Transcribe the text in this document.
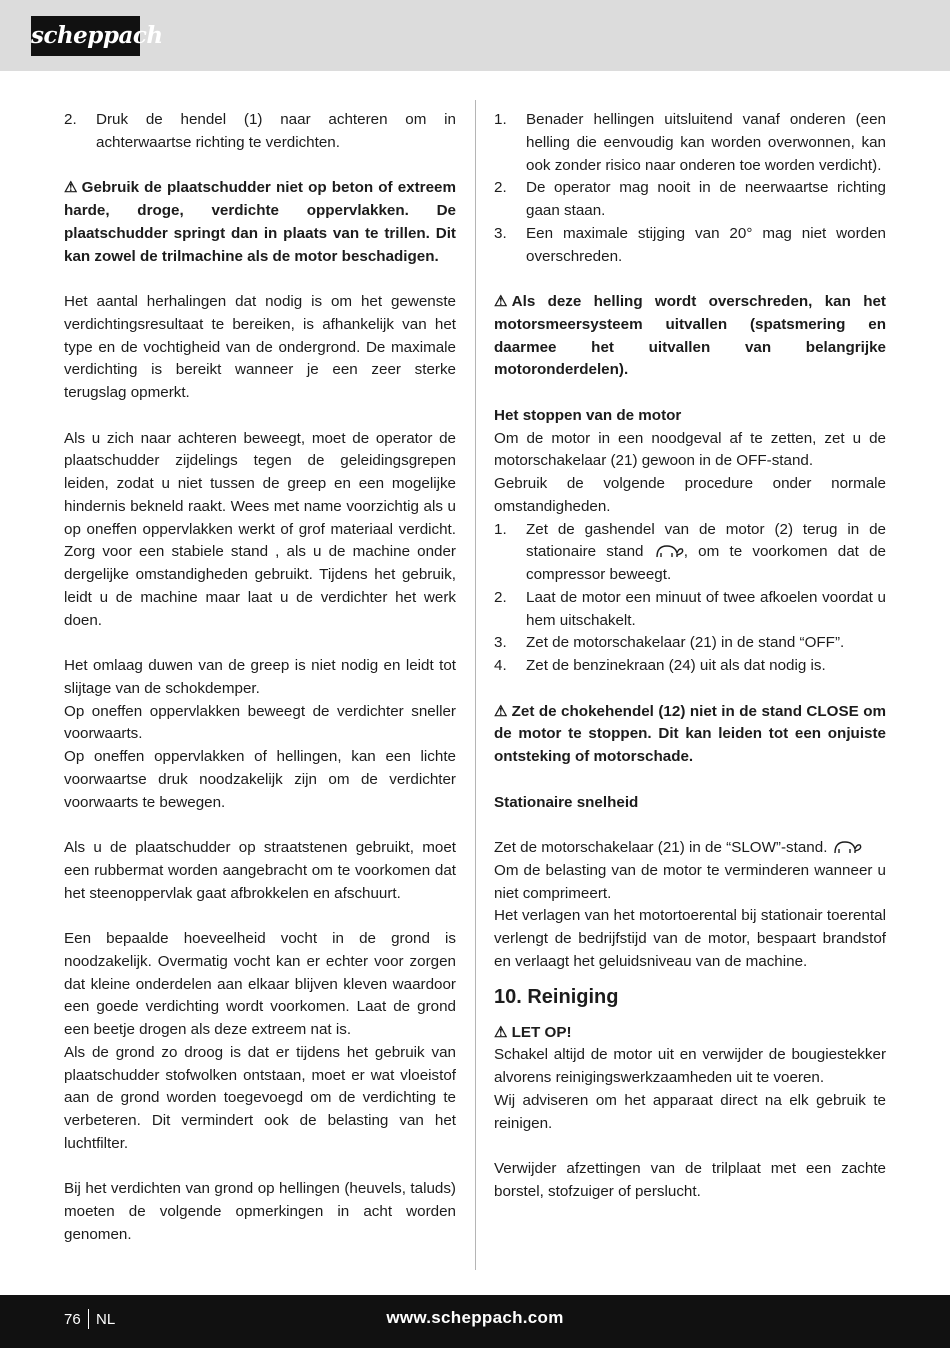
scheppach
2.	Druk de hendel (1) naar achteren om in achterwaartse richting te verdichten.

⚠ Gebruik de plaatschudder niet op beton of extreem harde, droge, verdichte oppervlakken. De plaatschudder springt dan in plaats van te trillen. Dit kan zowel de trilmachine als de motor beschadigen.

Het aantal herhalingen dat nodig is om het gewenste verdichtingsresultaat te bereiken, is afhankelijk van het type en de vochtigheid van de ondergrond. De maximale verdichting is bereikt wanneer je een zeer sterke terugslag opmerkt.

Als u zich naar achteren beweegt, moet de operator de plaatschudder zijdelings tegen de geleidingsgrepen leiden, zodat u niet tussen de greep en een mogelijke hindernis bekneld raakt. Wees met name voorzichtig als u op oneffen oppervlakken werkt of grof materiaal verdicht. Zorg voor een stabiele stand , als u de machine onder dergelijke omstandigheden gebruikt. Tijdens het gebruik, leidt u de machine maar laat u de verdichter het werk doen.

Het omlaag duwen van de greep is niet nodig en leidt tot slijtage van de schokdemper.

Op oneffen oppervlakken beweegt de verdichter sneller voorwaarts.

Op oneffen oppervlakken of hellingen, kan een lichte voorwaartse druk noodzakelijk zijn om de verdichter voorwaarts te bewegen.

Als u de plaatschudder op straatstenen gebruikt, moet een rubbermat worden aangebracht om te voorkomen dat het steenoppervlak gaat afbrokkelen en afschuurt.

Een bepaalde hoeveelheid vocht in de grond is noodzakelijk. Overmatig vocht kan er echter voor zorgen dat kleine onderdelen aan elkaar blijven kleven waardoor een goede verdichting wordt voorkomen. Laat de grond een beetje drogen als deze extreem nat is.

Als de grond zo droog is dat er tijdens het gebruik van plaatschudder stofwolken ontstaan, moet er wat vloeistof aan de grond worden toegevoegd om de verdichting te verbeteren. Dit vermindert ook de belasting van het luchtfilter.

Bij het verdichten van grond op hellingen (heuvels, taluds) moeten de volgende opmerkingen in acht worden genomen.

1.	Benader hellingen uitsluitend vanaf onderen (een helling die eenvoudig kan worden overwonnen, kan ook zonder risico naar onderen toe worden verdicht).
2.	De operator mag nooit in de neerwaartse richting gaan staan.
3.	Een maximale stijging van 20° mag niet worden overschreden.

⚠ Als deze helling wordt overschreden, kan het motorsmeersysteem uitvallen (spatsmering en daarmee het uitvallen van belangrijke motoronderdelen).

Het stoppen van de motor

Om de motor in een noodgeval af te zetten, zet u de motorschakelaar (21) gewoon in de OFF-stand.

Gebruik de volgende procedure onder normale omstandigheden.

1.	Zet de gashendel van de motor (2) terug in de stationaire stand	, om te voorkomen dat de compressor beweegt.
2.	Laat de motor een minuut of twee afkoelen voordat u hem uitschakelt.
3.	Zet de motorschakelaar (21) in de stand “OFF”.
4.	Zet de benzinekraan (24) uit als dat nodig is.

⚠ Zet de chokehendel (12) niet in de stand CLOSE om de motor te stoppen. Dit kan leiden tot een onjuiste ontsteking of motorschade.

Stationaire snelheid

Zet de motorschakelaar (21) in de “SLOW”-stand.

Om de belasting van de motor te verminderen wanneer u niet comprimeert.

Het verlagen van het motortoerental bij stationair toerental verlengt de bedrijfstijd van de motor, bespaart brandstof en verlaagt het geluidsniveau van de machine.

10. Reiniging

⚠ LET OP!

Schakel altijd de motor uit en verwijder de bougiestekker alvorens reinigingswerkzaamheden uit te voeren.

Wij adviseren om het apparaat direct na elk gebruik te reinigen.

Verwijder afzettingen van de trilplaat met een zachte borstel, stofzuiger of perslucht.

76 NL	www.scheppach.com
